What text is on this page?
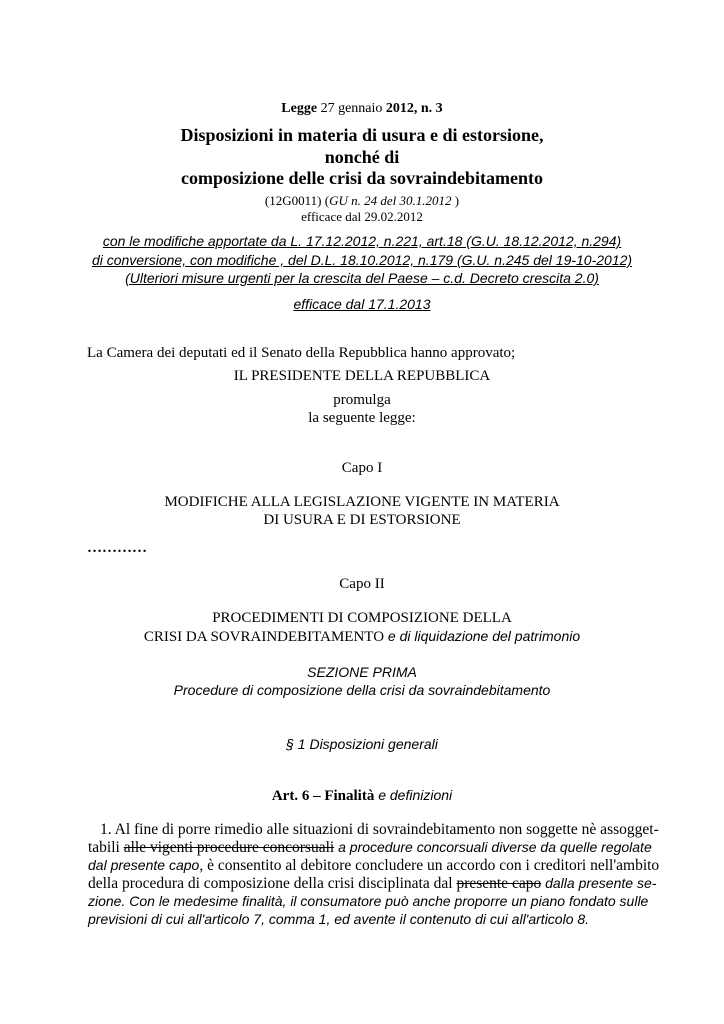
Legge 27 gennaio 2012, n. 3
Disposizioni in materia di usura e di estorsione,
nonché di
composizione delle crisi da sovraindebitamento
(12G0011) (GU n. 24 del 30.1.2012 )
efficace dal 29.02.2012
con le modifiche apportate da L. 17.12.2012, n.221, art.18 (G.U. 18.12.2012, n.294)
di conversione, con modifiche , del D.L. 18.10.2012, n.179 (G.U. n.245 del 19-10-2012)
(Ulteriori misure urgenti per la crescita del Paese – c.d. Decreto crescita 2.0)
efficace dal 17.1.2013
La Camera dei deputati ed il Senato della Repubblica hanno approvato;
IL PRESIDENTE DELLA REPUBBLICA
promulga
la seguente legge:
Capo I
MODIFICHE ALLA LEGISLAZIONE VIGENTE IN MATERIA
DI USURA E DI ESTORSIONE
…………
Capo II
PROCEDIMENTI DI COMPOSIZIONE DELLA
CRISI DA SOVRAINDEBITAMENTO e di liquidazione del patrimonio
SEZIONE PRIMA
Procedure di composizione della crisi da sovraindebitamento
§ 1 Disposizioni generali
Art. 6 – Finalità e definizioni
1. Al fine di porre rimedio alle situazioni di sovraindebitamento non soggette nè assogget-
tabili alle vigenti procedure concorsuali a procedure concorsuali diverse da quelle regolate
dal presente capo, è consentito al debitore concludere un accordo con i creditori nell'ambito
della procedura di composizione della crisi disciplinata dal presente capo dalla presente se-
zione. Con le medesime finalità, il consumatore può anche proporre un piano fondato sulle
previsioni di cui all'articolo 7, comma 1, ed avente il contenuto di cui all'articolo 8.
